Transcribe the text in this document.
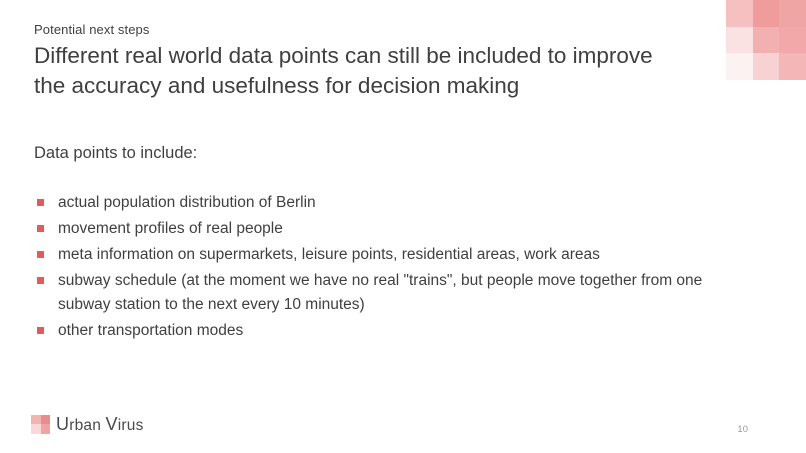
Potential next steps
Different real world data points can still be included to improve the accuracy and usefulness for decision making
Data points to include:
actual population distribution of Berlin
movement profiles of real people
meta information on supermarkets, leisure points, residential areas, work areas
subway schedule (at the moment we have no real "trains", but people move together from one subway station to the next every 10 minutes)
other transportation modes
Urban Virus	10
